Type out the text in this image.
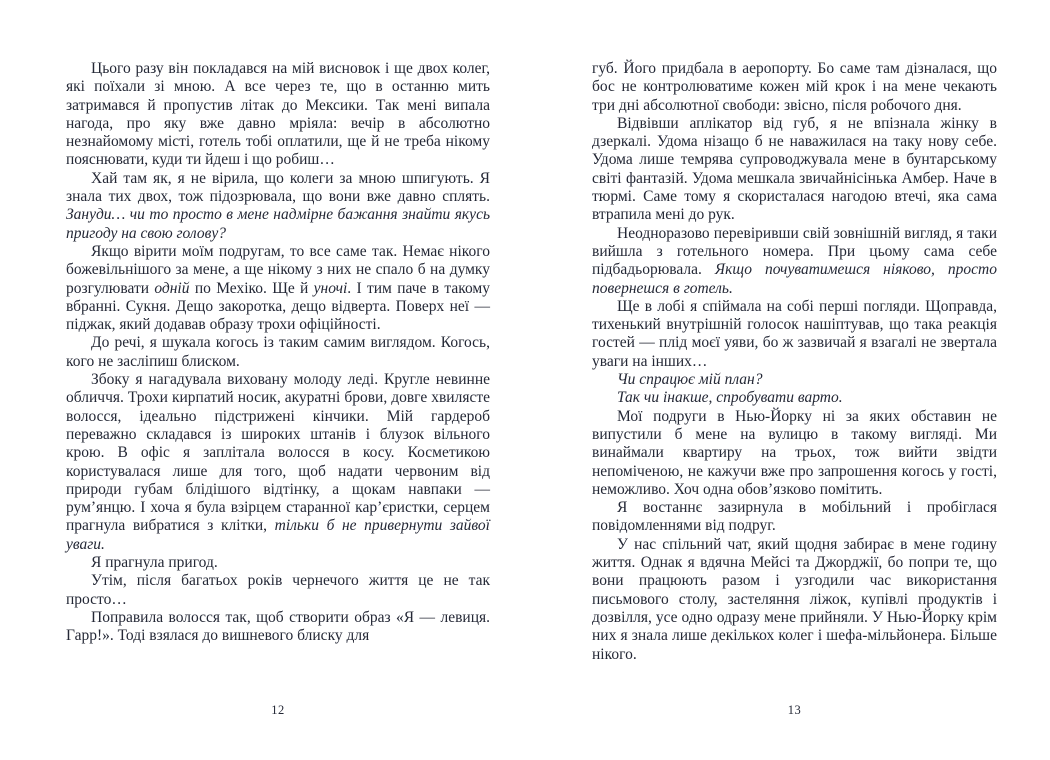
Цього разу він покладався на мій висновок і ще двох колег, які поїхали зі мною. А все через те, що в останню мить затримався й пропустив літак до Мексики. Так мені випала нагода, про яку вже давно мріяла: вечір в абсолютно незнайомому місті, готель тобі оплатили, ще й не треба нікому пояснювати, куди ти йдеш і що робиш…

Хай там як, я не вірила, що колеги за мною шпигують. Я знала тих двох, тож підозрювала, що вони вже давно сплять. Зануди… чи то просто в мене надмірне бажання знайти якусь пригоду на свою голову?

Якщо вірити моїм подругам, то все саме так. Немає нікого божевільнішого за мене, а ще нікому з них не спало б на думку розгулювати одній по Мехіко. Ще й уночі. І тим паче в такому вбранні. Сукня. Дещо закоротка, дещо відверта. Поверх неї — піджак, який додавав образу трохи офіційності.

До речі, я шукала когось із таким самим виглядом. Когось, кого не засліпиш блиском.

Збоку я нагадувала виховану молоду леді. Кругле невинне обличчя. Трохи кирпатий носик, акуратні брови, довге хвилясте волосся, ідеально підстрижені кінчики. Мій гардероб переважно складався із широких штанів і блузок вільного крою. В офіс я заплітала волосся в косу. Косметикою користувалася лише для того, щоб надати червоним від природи губам блідішого відтінку, а щокам навпаки — рум’янцю. І хоча я була взірцем старанної кар’єристки, серцем прагнула вибратися з клітки, тільки б не привернути зайвої уваги.

Я прагнула пригод.

Утім, після багатьох років чернечого життя це не так просто…

Поправила волосся так, щоб створити образ «Я — левиця. Гарр!». Тоді взялася до вишневого блиску для

губ. Його придбала в аеропорту. Бо саме там дізналася, що бос не контролюватиме кожен мій крок і на мене чекають три дні абсолютної свободи: звісно, після робочого дня.

Відвівши аплікатор від губ, я не впізнала жінку в дзеркалі. Удома нізащо б не наважилася на таку нову себе. Удома лише темрява супроводжувала мене в бунтарському світі фантазій. Удома мешкала звичайнісінька Амбер. Наче в тюрмі. Саме тому я скористалася нагодою втечі, яка сама втрапила мені до рук.

Неодноразово перевіривши свій зовнішній вигляд, я таки вийшла з готельного номера. При цьому сама себе підбадьорювала. Якщо почуватимешся ніяково, просто повернешся в готель.

Ще в лобі я спіймала на собі перші погляди. Щоправда, тихенький внутрішній голосок нашіптував, що така реакція гостей — плід моєї уяви, бо ж зазвичай я взагалі не звертала уваги на інших…

Чи спрацює мій план?

Так чи інакше, спробувати варто.

Мої подруги в Нью-Йорку ні за яких обставин не випустили б мене на вулицю в такому вигляді. Ми винаймали квартиру на трьох, тож вийти звідти непоміченою, не кажучи вже про запрошення когось у гості, неможливо. Хоч одна обов’язково помітить.

Я востаннє зазирнула в мобільний і пробіглася повідомленнями від подруг.

У нас спільний чат, який щодня забирає в мене годину життя. Однак я вдячна Мейсі та Джорджії, бо попри те, що вони працюють разом і узгодили час використання письмового столу, застеляння ліжок, купівлі продуктів і дозвілля, усе одно одразу мене прийняли. У Нью-Йорку крім них я знала лише декількох колег і шефа-мільйонера. Більше нікого.

12	13
